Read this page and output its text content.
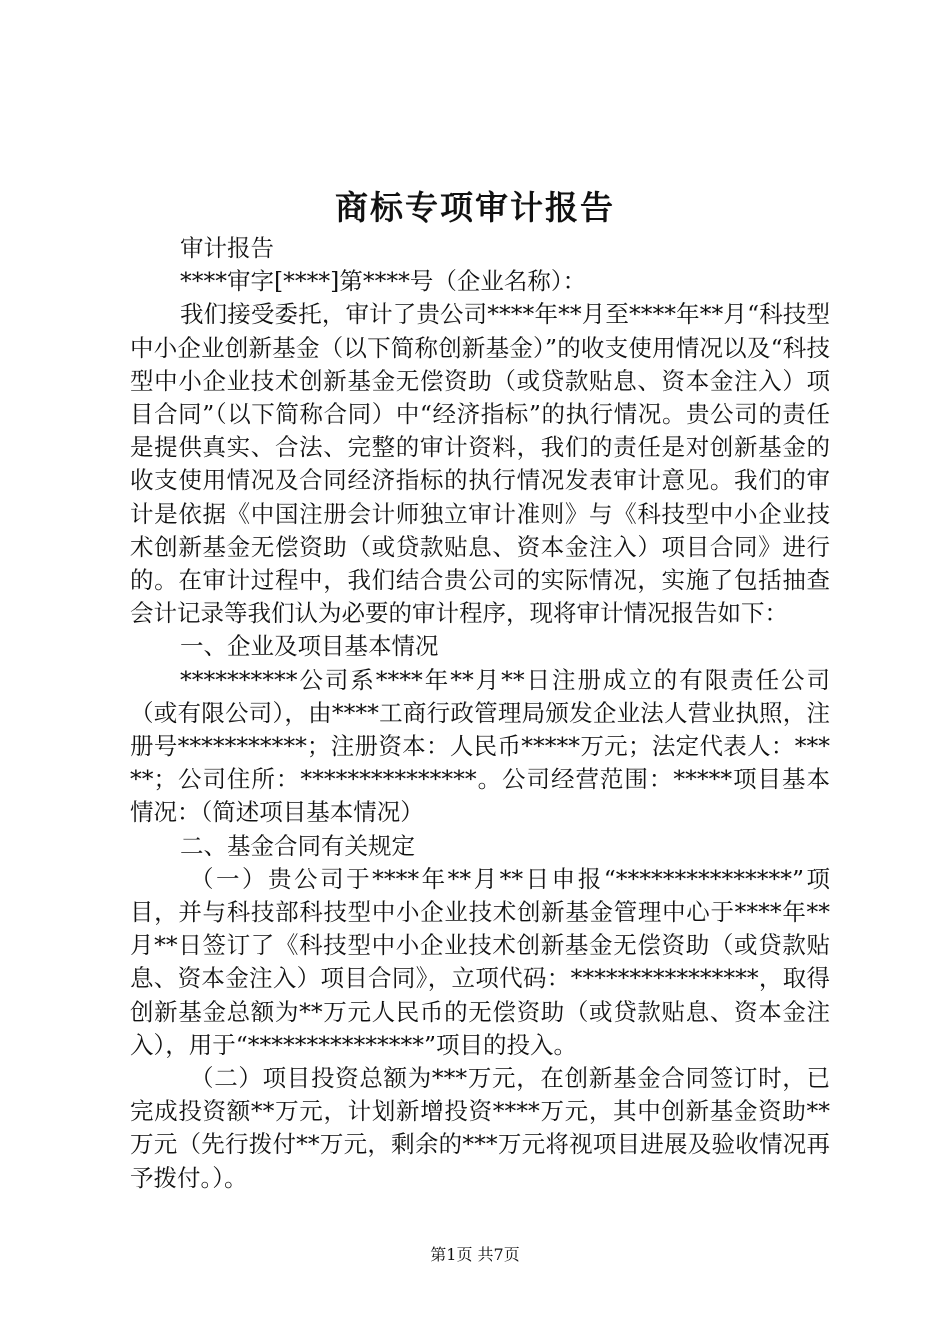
商标专项审计报告

审计报告

****审字[****]第****号（企业名称）：

我们接受委托，审计了贵公司****年**月至****年**月“科技型中小企业创新基金（以下简称创新基金）”的收支使用情况以及“科技型中小企业技术创新基金无偿资助（或贷款贴息、资本金注入）项目合同”（以下简称合同）中“经济指标”的执行情况。贵公司的责任是提供真实、合法、完整的审计资料，我们的责任是对创新基金的收支使用情况及合同经济指标的执行情况发表审计意见。我们的审计是依据《中国注册会计师独立审计准则》与《科技型中小企业技术创新基金无偿资助（或贷款贴息、资本金注入）项目合同》进行的。在审计过程中，我们结合贵公司的实际情况，实施了包括抽查会计记录等我们认为必要的审计程序，现将审计情况报告如下：

一、企业及项目基本情况

**********公司系****年**月**日注册成立的有限责任公司（或有限公司），由****工商行政管理局颁发企业法人营业执照，注册号***********；注册资本：人民币*****万元；法定代表人：*****；公司住所：***************。公司经营范围：*****项目基本情况：（简述项目基本情况）

二、基金合同有关规定

（一）贵公司于****年**月**日申报“***************”项目，并与科技部科技型中小企业技术创新基金管理中心于****年**月**日签订了《科技型中小企业技术创新基金无偿资助（或贷款贴息、资本金注入）项目合同》，立项代码：****************，取得创新基金总额为**万元人民币的无偿资助（或贷款贴息、资本金注入），用于“***************”项目的投入。

（二）项目投资总额为***万元，在创新基金合同签订时，已完成投资额**万元，计划新增投资****万元，其中创新基金资助**万元（先行拨付**万元，剩余的***万元将视项目进展及验收情况再予拨付。）。

第1页 共7页
